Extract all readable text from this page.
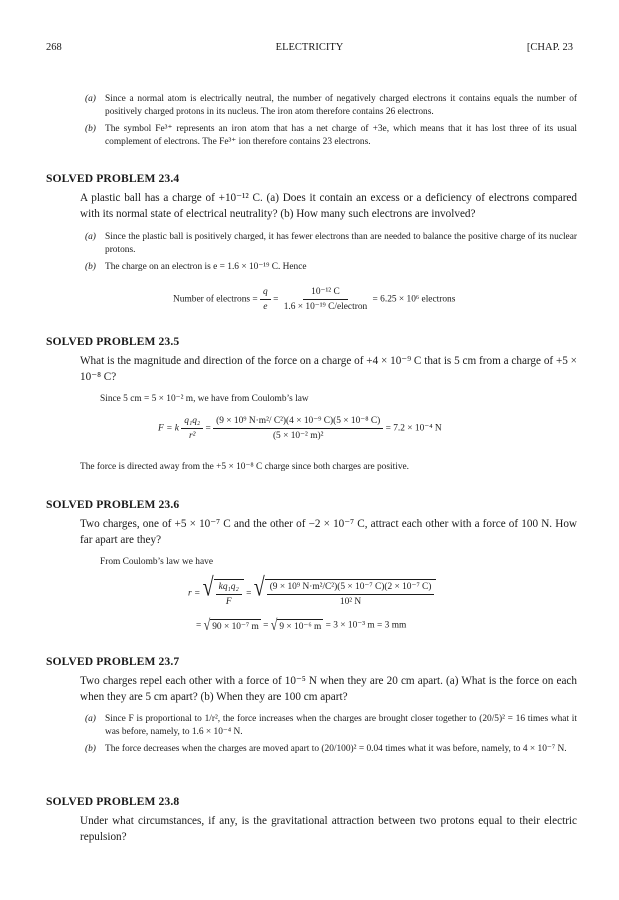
268	ELECTRICITY	[CHAP. 23
(a) Since a normal atom is electrically neutral, the number of negatively charged electrons it contains equals the number of positively charged protons in its nucleus. The iron atom therefore contains 26 electrons.
(b) The symbol Fe³⁺ represents an iron atom that has a net charge of +3e, which means that it has lost three of its usual complement of electrons. The Fe³⁺ ion therefore contains 23 electrons.
SOLVED PROBLEM 23.4
A plastic ball has a charge of +10⁻¹² C. (a) Does it contain an excess or a deficiency of electrons compared with its normal state of electrical neutrality? (b) How many such electrons are involved?
(a) Since the plastic ball is positively charged, it has fewer electrons than are needed to balance the positive charge of its nuclear protons.
(b) The charge on an electron is e = 1.6 × 10⁻¹⁹ C. Hence
Number of electrons = $\frac{q}{e} = \frac{\text{10⁻¹² C}}{\text{1.6 × 10⁻¹⁹ C/electron}} = 6.25 \times 10^6$ electrons
SOLVED PROBLEM 23.5
What is the magnitude and direction of the force on a charge of +4 × 10⁻⁹ C that is 5 cm from a charge of +5 × 10⁻⁸ C?
Since 5 cm = 5 × 10⁻² m, we have from Coulomb’s law
F = k $\frac{\text{q₁q₂}}{\text{r²}} = \frac{\text{(9 × 10⁹ N·m²/ C²)(4 × 10⁻⁹ C)(5 × 10⁻⁸ C)}}{\text{(5 × 10⁻² m)²}} = 7.2 \times 10^{-4}$ N
The force is directed away from the +5 × 10⁻⁸ C charge since both charges are positive.
SOLVED PROBLEM 23.6
Two charges, one of +5 × 10⁻⁷ C and the other of −2 × 10⁻⁷ C, attract each other with a force of 100 N. How far apart are they?
From Coulomb’s law we have
r = √ $\frac{\text{kq₁q₂}}{F}$ = √ $\frac{\text{(9 × 10⁹ N·m²/C²)(5 × 10⁻⁷ C)(2 × 10⁻⁷ C)}}{\text{10² N}}$
= √ 90 × 10⁻⁷ m = √ 9 × 10⁻⁶ m = 3 × 10⁻³ m = 3 mm
SOLVED PROBLEM 23.7
Two charges repel each other with a force of 10⁻⁵ N when they are 20 cm apart. (a) What is the force on each when they are 5 cm apart? (b) When they are 100 cm apart?
(a) Since F is proportional to 1/r², the force increases when the charges are brought closer together to (20/5)² = 16 times what it was before, namely, to 1.6 × 10⁻⁴ N.
(b) The force decreases when the charges are moved apart to (20/100)² = 0.04 times what it was before, namely, to 4 × 10⁻⁷ N.
SOLVED PROBLEM 23.8
Under what circumstances, if any, is the gravitational attraction between two protons equal to their electric repulsion?
